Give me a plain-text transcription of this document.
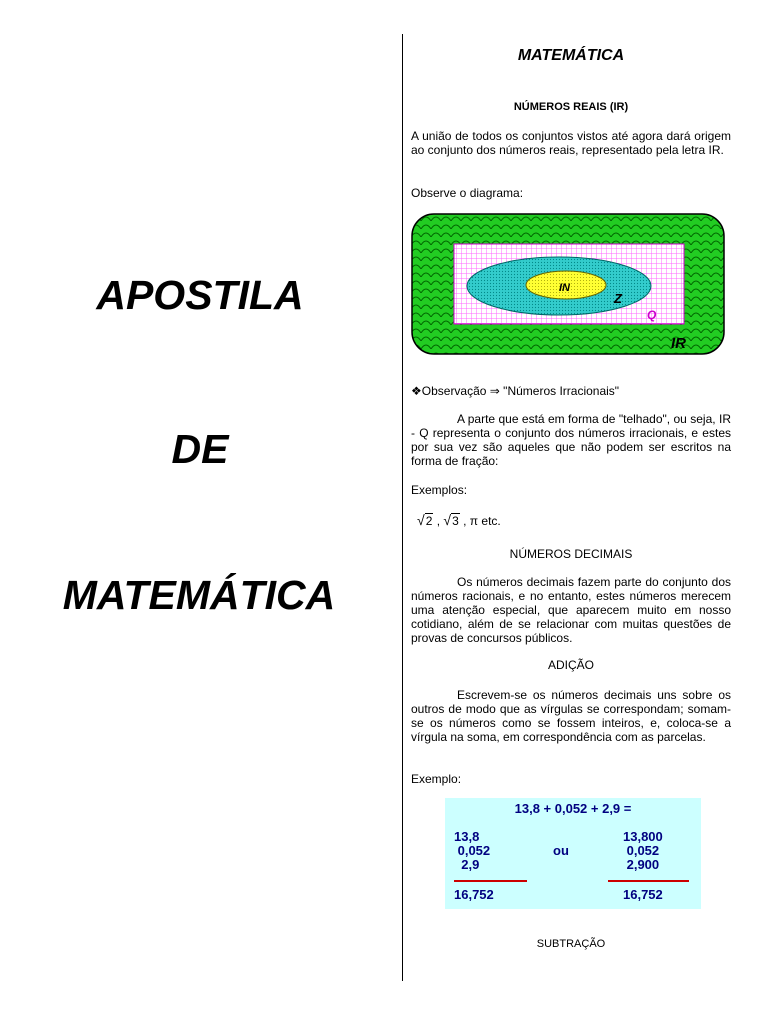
APOSTILA
DE
MATEMÁTICA
MATEMÁTICA
NÚMEROS REAIS (IR)
A união de todos os conjuntos vistos até agora dará origem ao conjunto dos números reais, representado pela letra IR.
Observe o diagrama:
IN
Z
Q
IR
❖Observação ⇒ "Números Irracionais"
A parte que está em forma de "telhado", ou seja, IR - Q representa o conjunto dos números irracionais, e estes por sua vez são aqueles que não podem ser escritos na forma de fração:
Exemplos:
√2 , √3 , π etc.
NÚMEROS DECIMAIS
Os números decimais fazem parte do conjunto dos números racionais, e no entanto, estes números merecem uma atenção especial, que aparecem muito em nosso cotidiano, além de se relacionar com muitas questões de provas de concursos públicos.
ADIÇÃO
Escrevem-se os números decimais uns sobre os outros de modo que as vírgulas se correspondam; somam-se os números como se fossem inteiros, e, coloca-se a vírgula na soma, em correspondência com as parcelas.
Exemplo:
13,8 + 0,052 + 2,9 =
13,8
0,052
2,9
ou
13,800
0,052
2,900
16,752	16,752
SUBTRAÇÃO
